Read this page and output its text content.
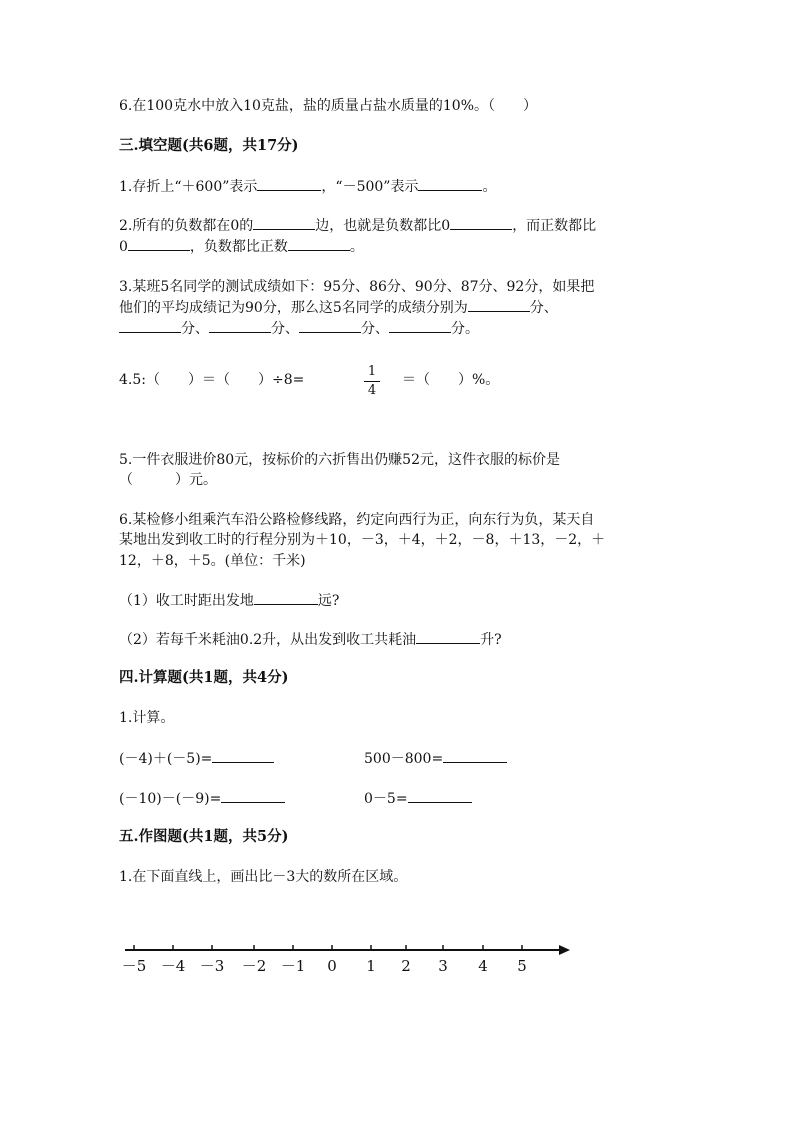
6.在100克水中放入10克盐，盐的质量占盐水质量的10%。（　　）
三.填空题(共6题，共17分)
1.存折上“＋600”表示	，“－500”表示	。
2.所有的负数都在0的	边，也就是负数都比0	，而正数都比
0	，负数都比正数	。
3.某班5名同学的测试成绩如下：95分、86分、90分、87分、92分，如果把
他们的平均成绩记为90分，那么这5名同学的成绩分别为	分、
分、	分、	分、	分。
4.5:（　　）＝（　　）÷8=
1
4
＝（　　）%。
5.一件衣服进价80元，按标价的六折售出仍赚52元，这件衣服的标价是
（　　　）元。
6.某检修小组乘汽车沿公路检修线路，约定向西行为正，向东行为负，某天自
某地出发到收工时的行程分别为＋10，－3，＋4，＋2，－8，＋13，－2，＋
12，＋8，＋5。(单位：千米)
（1）收工时距出发地	远?
（2）若每千米耗油0.2升，从出发到收工共耗油	升?
四.计算题(共1题，共4分)
1.计算。
(－4)＋(－5)=	500－800=
(－10)－(－9)=	0－5=
五.作图题(共1题，共5分)
1.在下面直线上，画出比－3大的数所在区域。
－5 －4 －3 －2 －1 0 1 2 3 4 5
